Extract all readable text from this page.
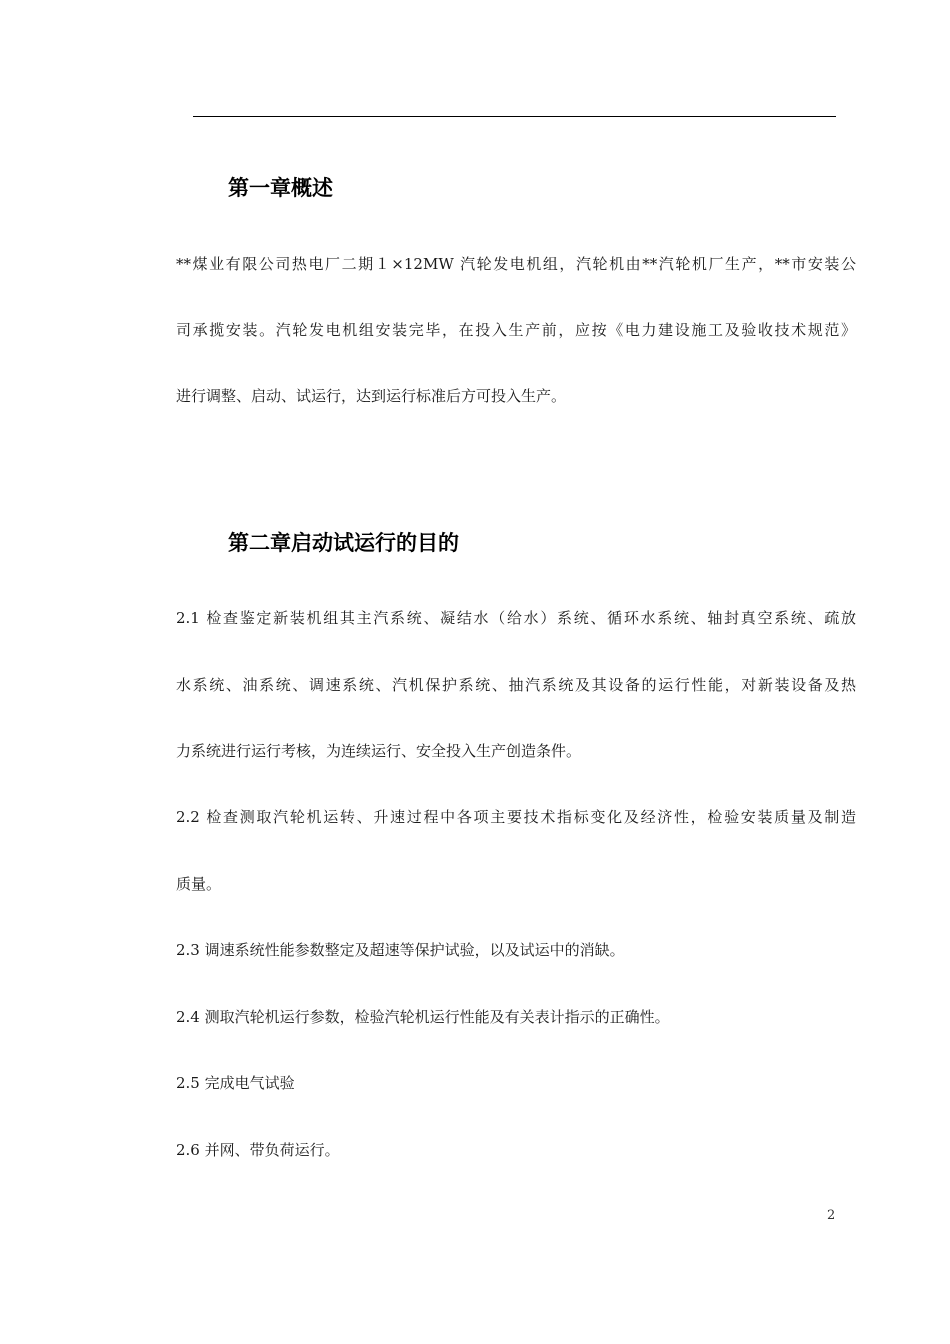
第一章概述

**煤业有限公司热电厂二期１×12MW 汽轮发电机组，汽轮机由**汽轮机厂生产，**市安装公

司承揽安装。汽轮发电机组安装完毕，在投入生产前，应按《电力建设施工及验收技术规范》

进行调整、启动、试运行，达到运行标准后方可投入生产。

第二章启动试运行的目的

2.1 检查鉴定新装机组其主汽系统、凝结水（给水）系统、循环水系统、轴封真空系统、疏放

水系统、油系统、调速系统、汽机保护系统、抽汽系统及其设备的运行性能，对新装设备及热

力系统进行运行考核，为连续运行、安全投入生产创造条件。

2.2 检查测取汽轮机运转、升速过程中各项主要技术指标变化及经济性，检验安装质量及制造

质量。

2.3 调速系统性能参数整定及超速等保护试验，以及试运中的消缺。

2.4 测取汽轮机运行参数，检验汽轮机运行性能及有关表计指示的正确性。

2.5 完成电气试验

2.6 并网、带负荷运行。

2
